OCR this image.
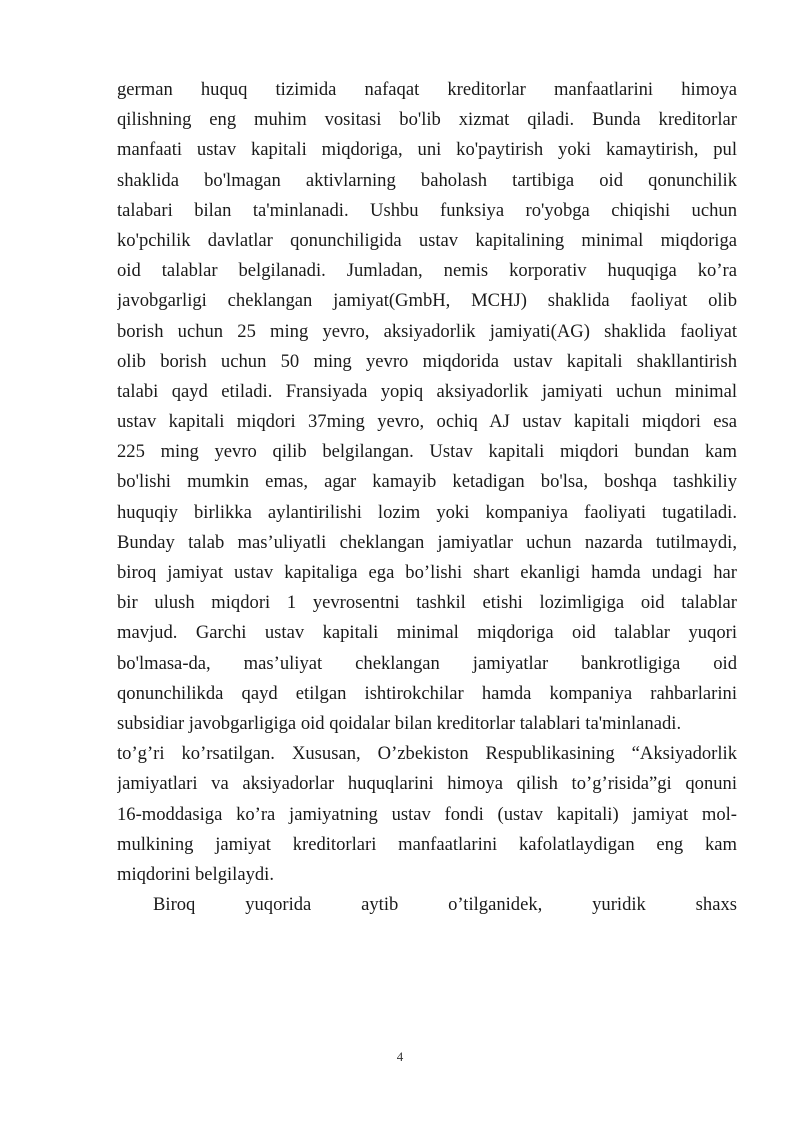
german huquq tizimida nafaqat kreditorlar manfaatlarini himoya
qilishning eng muhim vositasi bo'lib xizmat qiladi. Bunda kreditorlar
manfaati ustav kapitali miqdoriga, uni ko'paytirish yoki kamaytirish, pul
shaklida bo'lmagan aktivlarning baholash tartibiga oid qonunchilik
talabari bilan ta'minlanadi. Ushbu funksiya ro'yobga chiqishi uchun
ko'pchilik davlatlar qonunchiligida ustav kapitalining minimal miqdoriga
oid talablar belgilanadi. Jumladan, nemis korporativ huquqiga ko’ra
javobgarligi cheklangan jamiyat(GmbH, MCHJ) shaklida faoliyat olib
borish uchun 25 ming yevro, aksiyadorlik jamiyati(AG) shaklida faoliyat
olib borish uchun 50 ming yevro miqdorida ustav kapitali shakllantirish
talabi qayd etiladi. Fransiyada yopiq aksiyadorlik jamiyati uchun minimal
ustav kapitali miqdori 37ming yevro, ochiq AJ ustav kapitali miqdori esa
225 ming yevro qilib belgilangan. Ustav kapitali miqdori bundan kam
bo'lishi mumkin emas, agar kamayib ketadigan bo'lsa, boshqa tashkiliy
huquqiy birlikka aylantirilishi lozim yoki kompaniya faoliyati tugatiladi.
Bunday talab mas’uliyatli cheklangan jamiyatlar uchun nazarda tutilmaydi,
biroq jamiyat ustav kapitaliga ega bo’lishi shart ekanligi hamda undagi har
bir ulush miqdori 1 yevrosentni tashkil etishi lozimligiga oid talablar
mavjud. Garchi ustav kapitali minimal miqdoriga oid talablar yuqori
bo'lmasa-da, mas’uliyat cheklangan jamiyatlar bankrotligiga oid
qonunchilikda qayd etilgan ishtirokchilar hamda kompaniya rahbarlarini
subsidiar javobgarligiga oid qoidalar bilan kreditorlar talablari ta'minlanadi.
to’g’ri ko’rsatilgan. Xususan, O’zbekiston Respublikasining “Aksiyadorlik
jamiyatlari va aksiyadorlar huquqlarini himoya qilish to’g’risida”gi qonuni
16-moddasiga ko’ra jamiyatning ustav fondi (ustav kapitali) jamiyat mol-
mulkining jamiyat kreditorlari manfaatlarini kafolatlaydigan eng kam
miqdorini belgilaydi.
Biroq yuqorida aytib o’tilganidek, yuridik shaxs
4
